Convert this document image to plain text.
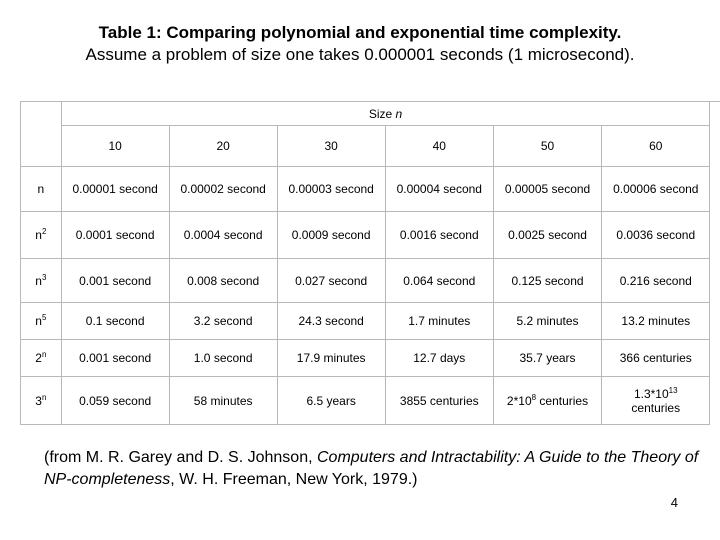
Table 1: Comparing polynomial and exponential time complexity.
Assume a problem of size one takes 0.000001 seconds (1 microsecond).
	Size n						
	10	20	30	40	50	60	
n	0.00001 second	0.00002 second	0.00003 second	0.00004 second	0.00005 second	0.00006 second	
$n^2$	0.0001 second	0.0004 second	0.0009 second	0.0016 second	0.0025 second	0.0036 second	
$n^3$	0.001 second	0.008 second	0.027 second	0.064 second	0.125 second	0.216 second	
$n^5$	0.1 second	3.2 second	24.3 second	1.7 minutes	5.2 minutes	13.2 minutes	
2$^n$	0.001 second	1.0 second	17.9 minutes	12.7 days	35.7 years	366 centuries	
3$^n$	0.059 second	58 minutes	6.5 years	3855 centuries	$2*10^8$ centuries	$1.3*10^{13}$
centuries	
(from M. R. Garey and D. S. Johnson, Computers and Intractability: A Guide to the Theory of NP-completeness, W. H. Freeman, New York, 1979.)
4
